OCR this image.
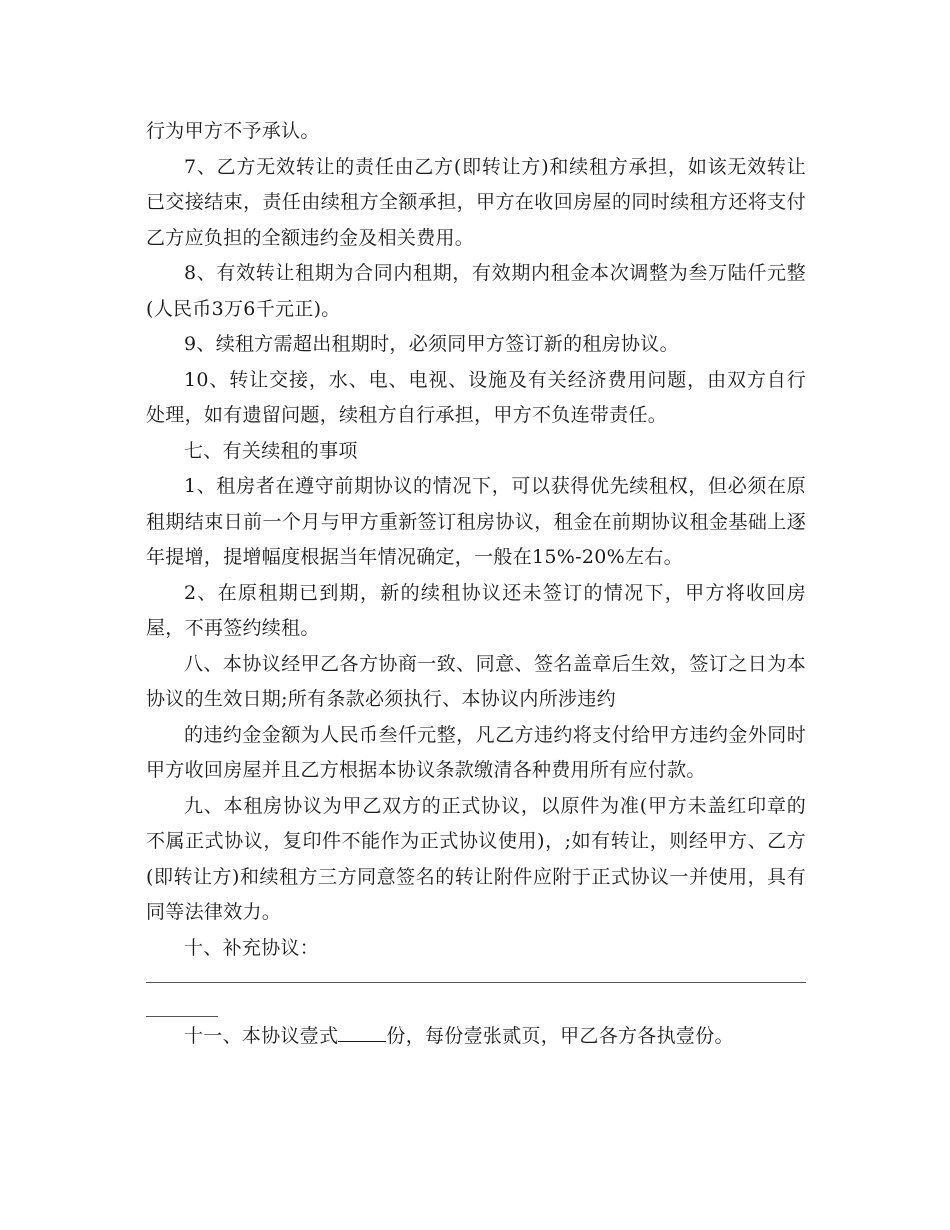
行为甲方不予承认。

7、乙方无效转让的责任由乙方(即转让方)和续租方承担，如该无效转让已交接结束，责任由续租方全额承担，甲方在收回房屋的同时续租方还将支付乙方应负担的全额违约金及相关费用。

8、有效转让租期为合同内租期，有效期内租金本次调整为叁万陆仟元整(人民币3万6千元正)。

9、续租方需超出租期时，必须同甲方签订新的租房协议。

10、转让交接，水、电、电视、设施及有关经济费用问题，由双方自行处理，如有遗留问题，续租方自行承担，甲方不负连带责任。

七、有关续租的事项

1、租房者在遵守前期协议的情况下，可以获得优先续租权，但必须在原租期结束日前一个月与甲方重新签订租房协议，租金在前期协议租金基础上逐年提增，提增幅度根据当年情况确定，一般在15%-20%左右。

2、在原租期已到期，新的续租协议还未签订的情况下，甲方将收回房屋，不再签约续租。

八、本协议经甲乙各方协商一致、同意、签名盖章后生效，签订之日为本协议的生效日期;所有条款必须执行、本协议内所涉违约

的违约金金额为人民币叁仟元整，凡乙方违约将支付给甲方违约金外同时甲方收回房屋并且乙方根据本协议条款缴清各种费用所有应付款。

九、本租房协议为甲乙双方的正式协议，以原件为准(甲方未盖红印章的不属正式协议，复印件不能作为正式协议使用)，;如有转让，则经甲方、乙方(即转让方)和续租方三方同意签名的转让附件应附于正式协议一并使用，具有同等法律效力。

十、补充协议：

十一、本协议壹式	份，每份壹张贰页，甲乙各方各执壹份。
